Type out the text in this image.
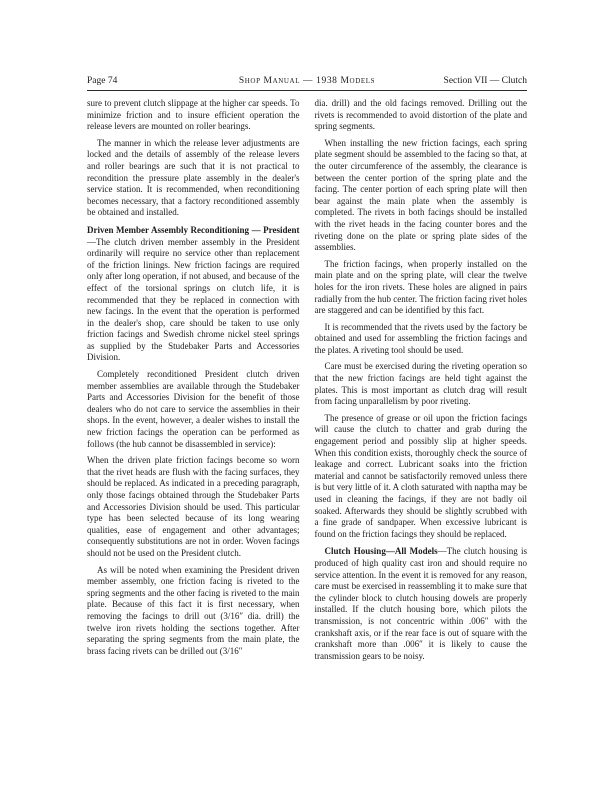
Page 74	Shop Manual — 1938 Models	Section VII — Clutch

sure to prevent clutch slippage at the higher car speeds. To minimize friction and to insure efficient operation the release levers are mounted on roller bearings.

The manner in which the release lever adjustments are locked and the details of assembly of the release levers and roller bearings are such that it is not practical to recondition the pressure plate assembly in the dealer's service station. It is recommended, when reconditioning becomes necessary, that a factory reconditioned assembly be obtained and installed.

Driven Member Assembly Reconditioning — President—The clutch driven member assembly in the President ordinarily will require no service other than replacement of the friction linings. New friction facings are required only after long operation, if not abused, and because of the effect of the torsional springs on clutch life, it is recommended that they be replaced in connection with new facings. In the event that the operation is performed in the dealer's shop, care should be taken to use only friction facings and Swedish chrome nickel steel springs as supplied by the Studebaker Parts and Accessories Division.

Completely reconditioned President clutch driven member assemblies are available through the Studebaker Parts and Accessories Division for the benefit of those dealers who do not care to service the assemblies in their shops. In the event, however, a dealer wishes to install the new friction facings the operation can be performed as follows (the hub cannot be disassembled in service):

When the driven plate friction facings become so worn that the rivet heads are flush with the facing surfaces, they should be replaced. As indicated in a preceding paragraph, only those facings obtained through the Studebaker Parts and Accessories Division should be used. This particular type has been selected because of its long wearing qualities, ease of engagement and other advantages; consequently substitutions are not in order. Woven facings should not be used on the President clutch.

As will be noted when examining the President driven member assembly, one friction facing is riveted to the spring segments and the other facing is riveted to the main plate. Because of this fact it is first necessary, when removing the facings to drill out (3/16″ dia. drill) the twelve iron rivets holding the sections together. After separating the spring segments from the main plate, the brass facing rivets can be drilled out (3/16″

dia. drill) and the old facings removed. Drilling out the rivets is recommended to avoid distortion of the plate and spring segments.

When installing the new friction facings, each spring plate segment should be assembled to the facing so that, at the outer circumference of the assembly, the clearance is between the center portion of the spring plate and the facing. The center portion of each spring plate will then bear against the main plate when the assembly is completed. The rivets in both facings should be installed with the rivet heads in the facing counter bores and the riveting done on the plate or spring plate sides of the assemblies.

The friction facings, when properly installed on the main plate and on the spring plate, will clear the twelve holes for the iron rivets. These holes are aligned in pairs radially from the hub center. The friction facing rivet holes are staggered and can be identified by this fact.

It is recommended that the rivets used by the factory be obtained and used for assembling the friction facings and the plates. A riveting tool should be used.

Care must be exercised during the riveting operation so that the new friction facings are held tight against the plates. This is most important as clutch drag will result from facing unparallelism by poor riveting.

The presence of grease or oil upon the friction facings will cause the clutch to chatter and grab during the engagement period and possibly slip at higher speeds. When this condition exists, thoroughly check the source of leakage and correct. Lubricant soaks into the friction material and cannot be satisfactorily removed unless there is but very little of it. A cloth saturated with naptha may be used in cleaning the facings, if they are not badly oil soaked. Afterwards they should be slightly scrubbed with a fine grade of sandpaper. When excessive lubricant is found on the friction facings they should be replaced.

Clutch Housing—All Models—The clutch housing is produced of high quality cast iron and should require no service attention. In the event it is removed for any reason, care must be exercised in reassembling it to make sure that the cylinder block to clutch housing dowels are properly installed. If the clutch housing bore, which pilots the transmission, is not concentric within .006″ with the crankshaft axis, or if the rear face is out of square with the crankshaft more than .006″ it is likely to cause the transmission gears to be noisy.
